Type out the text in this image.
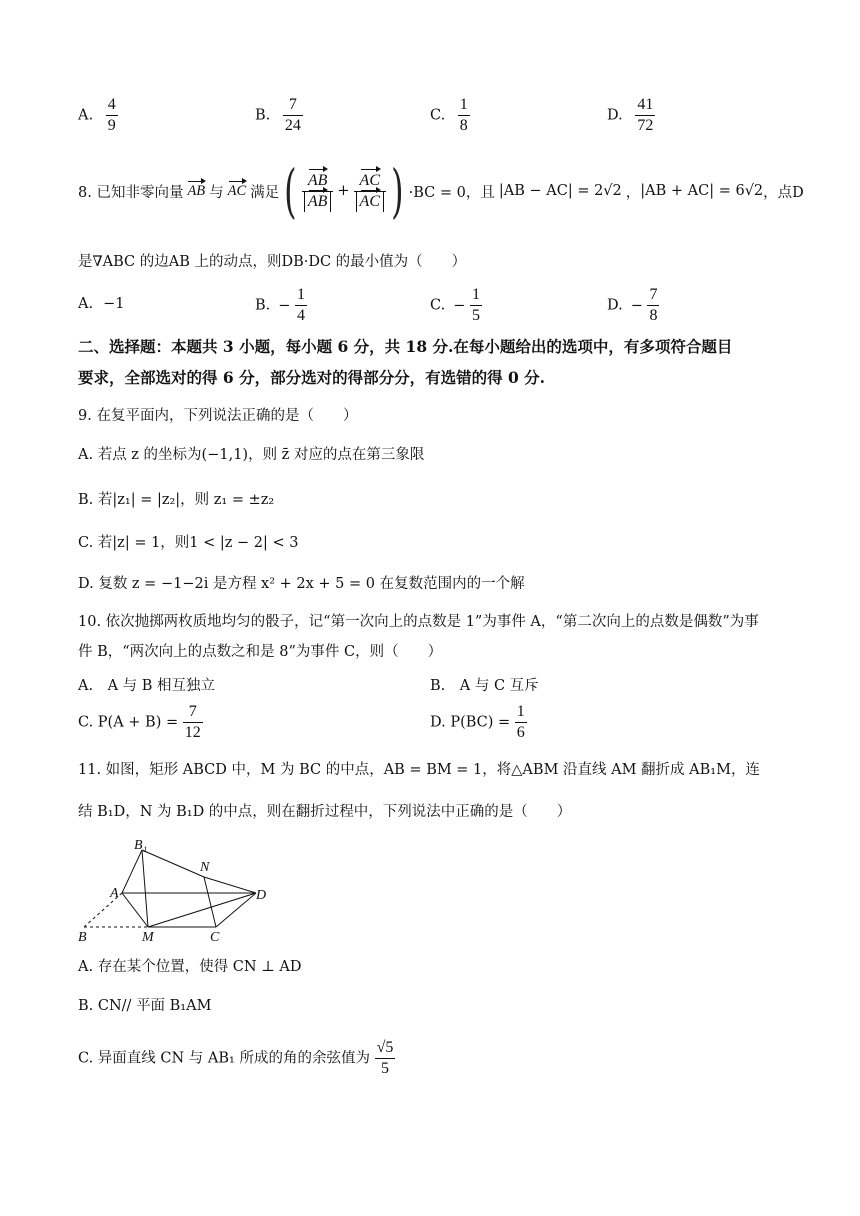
A. $\frac{4}{9}$	B. $\frac{7}{24}$	C. $\frac{1}{8}$	D. $\frac{41}{72}$
8. 已知非零向量 AB 与 AC 满足 ( $\frac{AB}{AB} + \frac{AC}{AC}$ ) ·BC = 0，且 |AB − AC| = 2√2 ， |AB + AC| = 6√2 ，点D
是∇ABC 的边AB 上的动点，则DB·DC 的最小值为（　　）
A. −1	B. − $\frac{1}{4}$	C. − $\frac{1}{5}$	D. − $\frac{7}{8}$
二、选择题：本题共 3 小题，每小题 6 分，共 18 分.在每小题给出的选项中，有多项符合题目
要求，全部选对的得 6 分，部分选对的得部分分，有选错的得 0 分.
9. 在复平面内，下列说法正确的是（　　）
A. 若点 z 的坐标为(−1,1)，则 z̄ 对应的点在第三象限
B. 若|z₁| = |z₂|，则 z₁ = ±z₂
C. 若|z| = 1，则1 < |z − 2| < 3
D. 复数 z = −1−2i 是方程 x² + 2x + 5 = 0 在复数范围内的一个解
10. 依次抛掷两枚质地均匀的骰子，记“第一次向上的点数是 1”为事件 A，“第二次向上的点数是偶数”为事
件 B，“两次向上的点数之和是 8”为事件 C，则（　　）
A.　A 与 B 相互独立	B.　A 与 C 互斥
C. $P(A + B) = \frac{7}{12}$	D. $P(BC) = \frac{1}{6}$
11. 如图，矩形 ABCD 中，M 为 BC 的中点，AB = BM = 1，将△ABM 沿直线 AM 翻折成 AB₁M，连
结 B₁D，N 为 B₁D 的中点，则在翻折过程中，下列说法中正确的是（　　）
B₁
N
A	D
B	M	C
A. 存在某个位置，使得 CN ⊥ AD
B. CN// 平面 B₁AM
C. 异面直线 CN 与 AB₁ 所成的角的余弦值为 $\frac{√5}{5}$
